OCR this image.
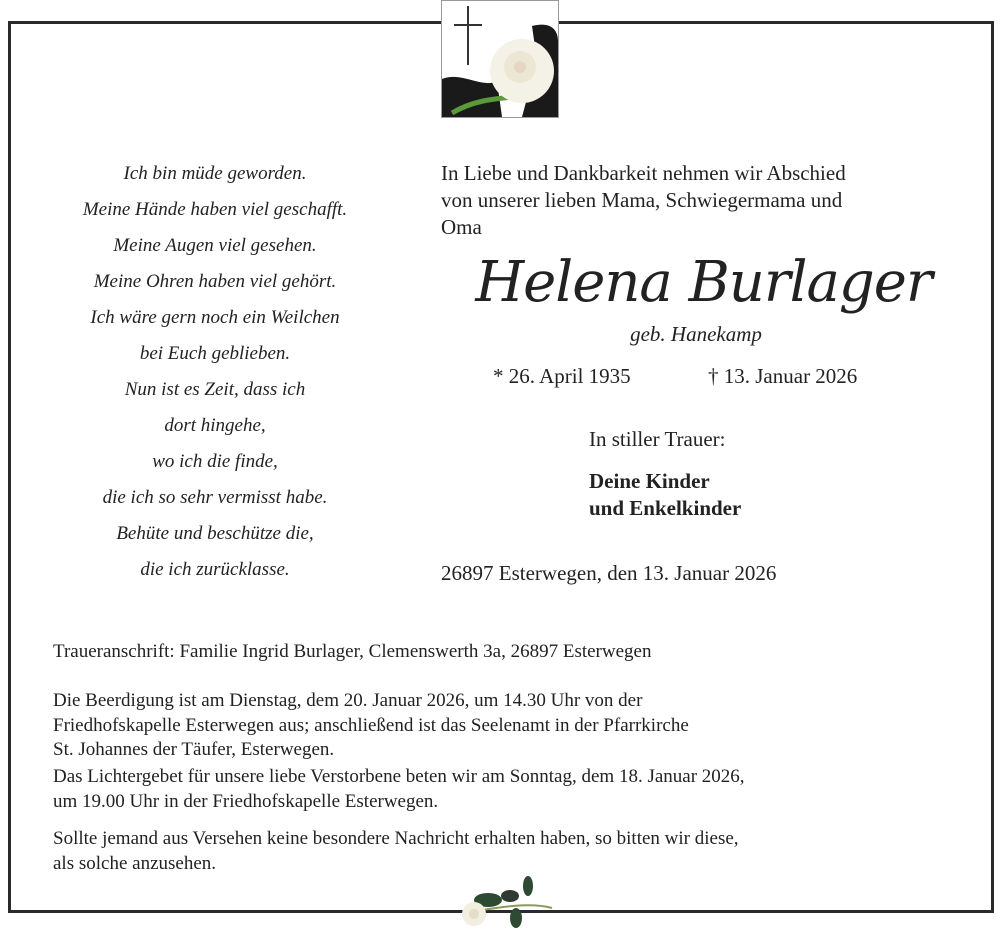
Ich bin müde geworden.
Meine Hände haben viel geschafft.
Meine Augen viel gesehen.
Meine Ohren haben viel gehört.
Ich wäre gern noch ein Weilchen
bei Euch geblieben.
Nun ist es Zeit, dass ich
dort hingehe,
wo ich die finde,
die ich so sehr vermisst habe.
Behüte und beschütze die,
die ich zurücklasse.
In Liebe und Dankbarkeit nehmen wir Abschied
von unserer lieben Mama, Schwiegermama und
Oma
Helena Burlager
geb. Hanekamp
* 26. April 1935	† 13. Januar 2026
In stiller Trauer:
Deine Kinder
und Enkelkinder
26897 Esterwegen, den 13. Januar 2026
Traueranschrift: Familie Ingrid Burlager, Clemenswerth 3a, 26897 Esterwegen
Die Beerdigung ist am Dienstag, dem 20. Januar 2026, um 14.30 Uhr von der
Friedhofskapelle Esterwegen aus; anschließend ist das Seelenamt in der Pfarrkirche
St. Johannes der Täufer, Esterwegen.
Das Lichtergebet für unsere liebe Verstorbene beten wir am Sonntag, dem 18. Januar 2026,
um 19.00 Uhr in der Friedhofskapelle Esterwegen.
Sollte jemand aus Versehen keine besondere Nachricht erhalten haben, so bitten wir diese,
als solche anzusehen.
